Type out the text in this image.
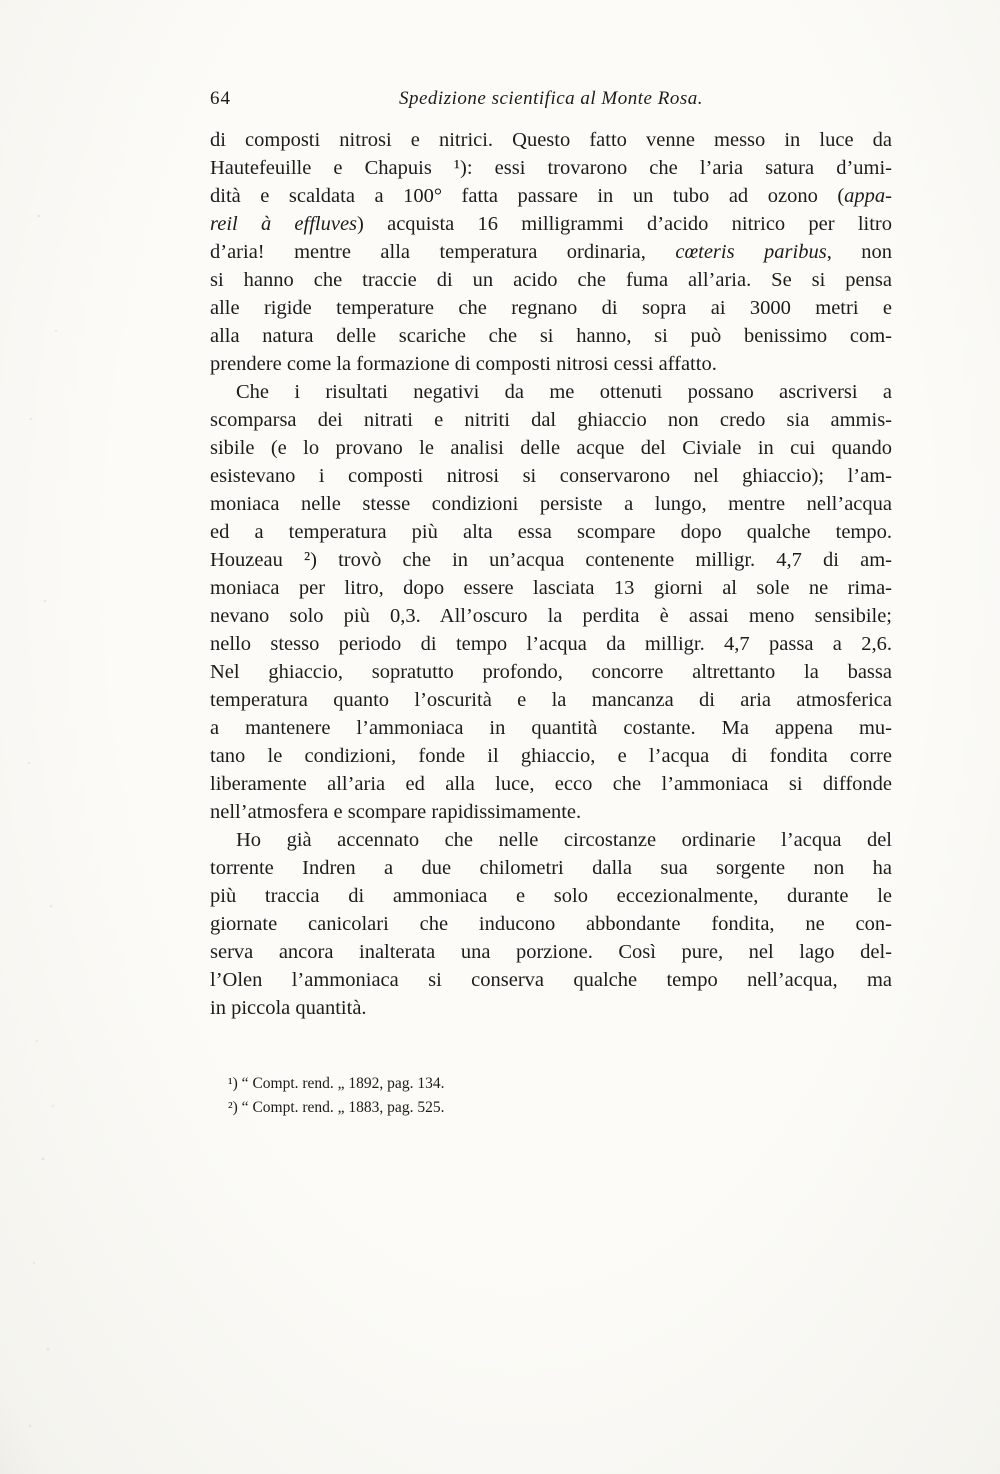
64	Spedizione scientifica al Monte Rosa.
di composti nitrosi e nitrici. Questo fatto venne messo in luce da
Hautefeuille e Chapuis ¹): essi trovarono che l’aria satura d’umi-
dità e scaldata a 100° fatta passare in un tubo ad ozono (appa-
reil à effluves) acquista 16 milligrammi d’acido nitrico per litro
d’aria! mentre alla temperatura ordinaria, cœteris paribus, non
si hanno che traccie di un acido che fuma all’aria. Se si pensa
alle rigide temperature che regnano di sopra ai 3000 metri e
alla natura delle scariche che si hanno, si può benissimo com-
prendere come la formazione di composti nitrosi cessi affatto.
Che i risultati negativi da me ottenuti possano ascriversi a
scomparsa dei nitrati e nitriti dal ghiaccio non credo sia ammis-
sibile (e lo provano le analisi delle acque del Civiale in cui quando
esistevano i composti nitrosi si conservarono nel ghiaccio); l’am-
moniaca nelle stesse condizioni persiste a lungo, mentre nell’acqua
ed a temperatura più alta essa scompare dopo qualche tempo.
Houzeau ²) trovò che in un’acqua contenente milligr. 4,7 di am-
moniaca per litro, dopo essere lasciata 13 giorni al sole ne rima-
nevano solo più 0,3. All’oscuro la perdita è assai meno sensibile;
nello stesso periodo di tempo l’acqua da milligr. 4,7 passa a 2,6.
Nel ghiaccio, sopratutto profondo, concorre altrettanto la bassa
temperatura quanto l’oscurità e la mancanza di aria atmosferica
a mantenere l’ammoniaca in quantità costante. Ma appena mu-
tano le condizioni, fonde il ghiaccio, e l’acqua di fondita corre
liberamente all’aria ed alla luce, ecco che l’ammoniaca si diffonde
nell’atmosfera e scompare rapidissimamente.
Ho già accennato che nelle circostanze ordinarie l’acqua del
torrente Indren a due chilometri dalla sua sorgente non ha
più traccia di ammoniaca e solo eccezionalmente, durante le
giornate canicolari che inducono abbondante fondita, ne con-
serva ancora inalterata una porzione. Così pure, nel lago del-
l’Olen l’ammoniaca si conserva qualche tempo nell’acqua, ma
in piccola quantità.
¹) “ Compt. rend. „ 1892, pag. 134.
²) “ Compt. rend. „ 1883, pag. 525.
